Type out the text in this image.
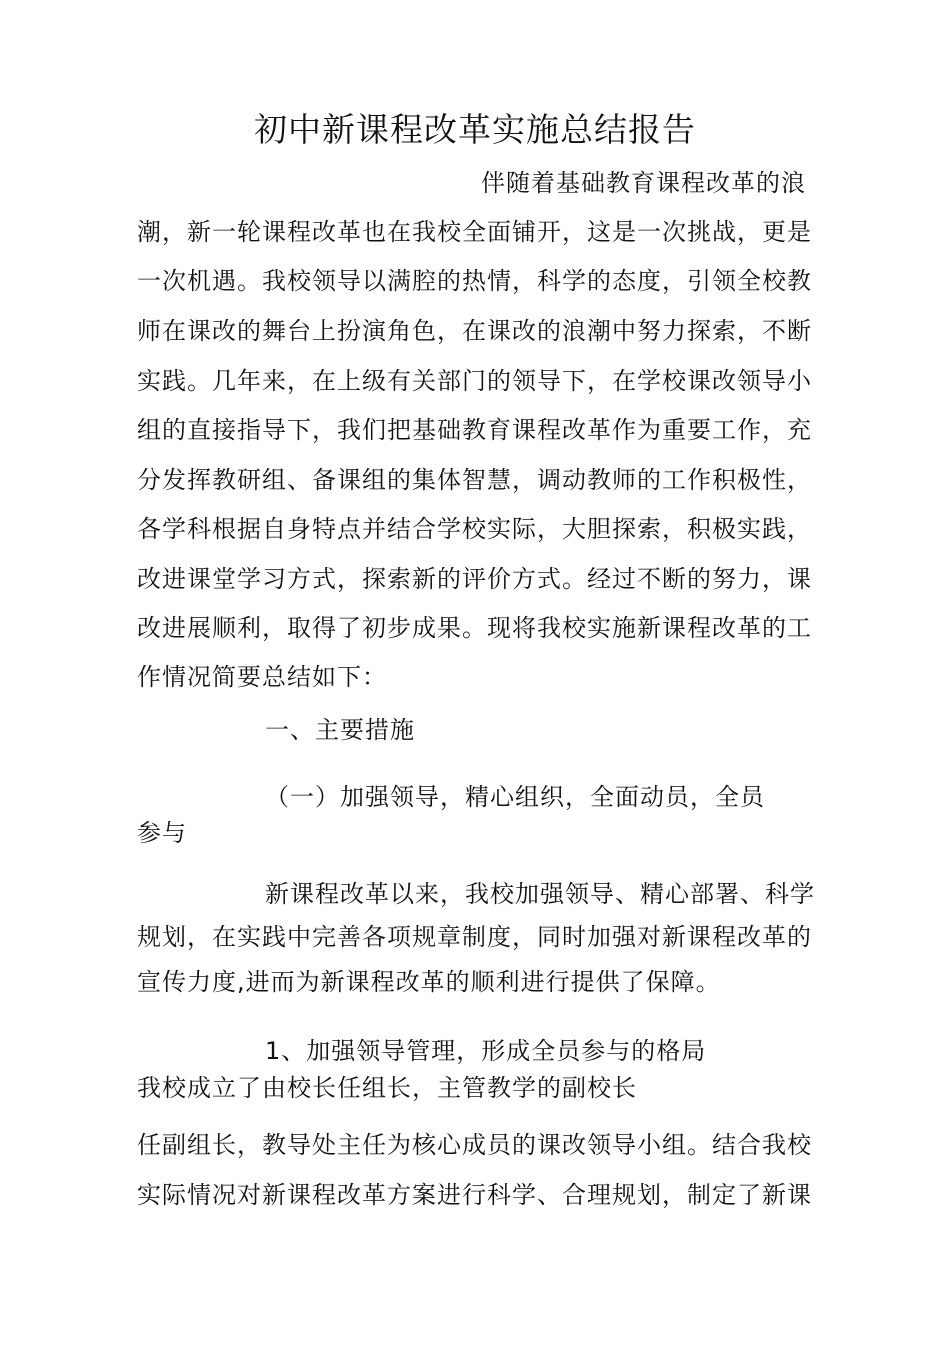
初中新课程改革实施总结报告
伴随着基础教育课程改革的浪
潮，新一轮课程改革也在我校全面铺开，这是一次挑战，更是
一次机遇。我校领导以满腔的热情，科学的态度，引领全校教
师在课改的舞台上扮演角色，在课改的浪潮中努力探索，不断
实践。几年来，在上级有关部门的领导下，在学校课改领导小
组的直接指导下，我们把基础教育课程改革作为重要工作，充
分发挥教研组、备课组的集体智慧，调动教师的工作积极性，
各学科根据自身特点并结合学校实际，大胆探索，积极实践，
改进课堂学习方式，探索新的评价方式。经过不断的努力，课
改进展顺利，取得了初步成果。现将我校实施新课程改革的工
作情况简要总结如下：
一、主要措施
（一）加强领导，精心组织，全面动员，全员
参与
新课程改革以来，我校加强领导、精心部署、科学
规划，在实践中完善各项规章制度，同时加强对新课程改革的
宣传力度,进而为新课程改革的顺利进行提供了保障。
1、加强领导管理，形成全员参与的格局
我校成立了由校长任组长，主管教学的副校长
任副组长，教导处主任为核心成员的课改领导小组。结合我校
实际情况对新课程改革方案进行科学、合理规划，制定了新课
